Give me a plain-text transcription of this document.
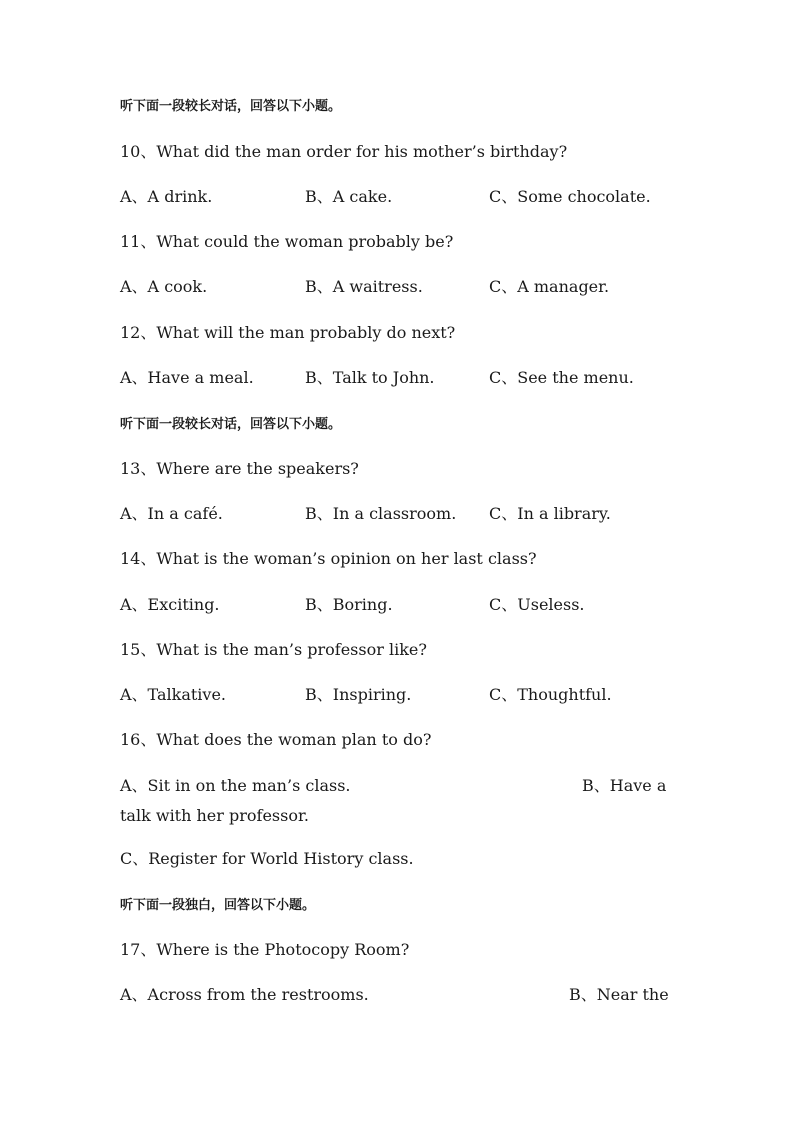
听下面一段较长对话，回答以下小题。
10、What did the man order for his mother’s birthday?
A、A drink.	B、A cake.	C、Some chocolate.
11、What could the woman probably be?
A、A cook.	B、A waitress.	C、A manager.
12、What will the man probably do next?
A、Have a meal.	B、Talk to John.	C、See the menu.
听下面一段较长对话，回答以下小题。
13、Where are the speakers?
A、In a café.	B、In a classroom. C、In a library.
14、What is the woman’s opinion on her last class?
A、Exciting.	B、Boring.	C、Useless.
15、What is the man’s professor like?
A、Talkative.	B、Inspiring.	C、Thoughtful.
16、What does the woman plan to do?
A、Sit in on the man’s class.	B、Have a
talk with her professor.
C、Register for World History class.
听下面一段独白，回答以下小题。
17、Where is the Photocopy Room?
A、Across from the restrooms.	B、Near the
